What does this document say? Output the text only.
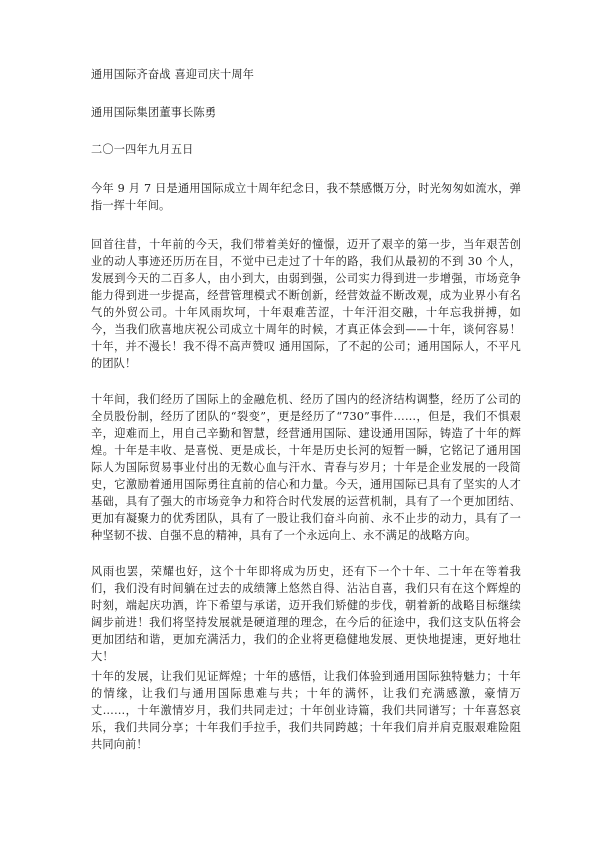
通用国际齐奋战 喜迎司庆十周年
通用国际集团董事长陈勇
二〇一四年九月五日

今年 9 月 7 日是通用国际成立十周年纪念日，我不禁感慨万分，时光匆匆如流水，弹指一挥十年间。

回首往昔，十年前的今天，我们带着美好的憧憬，迈开了艰辛的第一步，当年艰苦创业的动人事迹还历历在目，不觉中已走过了十年的路，我们从最初的不到 30 个人，发展到今天的二百多人，由小到大，由弱到强，公司实力得到进一步增强，市场竞争能力得到进一步提高，经营管理模式不断创新，经营效益不断改观，成为业界小有名气的外贸公司。十年风雨坎坷，十年艰难苦涩，十年汗泪交融，十年忘我拼搏，如今，当我们欣喜地庆祝公司成立十周年的时候，才真正体会到——十年，谈何容易！十年，并不漫长！我不得不高声赞叹 通用国际，了不起的公司；通用国际人，不平凡的团队！

十年间，我们经历了国际上的金融危机、经历了国内的经济结构调整，经历了公司的全员股份制，经历了团队的“裂变”，更是经历了“730”事件……，但是，我们不惧艰辛，迎难而上，用自己辛勤和智慧，经营通用国际、建设通用国际，铸造了十年的辉煌。十年是丰收、是喜悦、更是成长，十年是历史长河的短暂一瞬，它铭记了通用国际人为国际贸易事业付出的无数心血与汗水、青春与岁月；十年是企业发展的一段简史，它激励着通用国际勇往直前的信心和力量。今天，通用国际已具有了坚实的人才基础，具有了强大的市场竞争力和符合时代发展的运营机制，具有了一个更加团结、更加有凝聚力的优秀团队，具有了一股让我们奋斗向前、永不止步的动力，具有了一种坚韧不拔、自强不息的精神，具有了一个永远向上、永不满足的战略方向。

风雨也罢，荣耀也好，这个十年即将成为历史，还有下一个十年、二十年在等着我们，我们没有时间躺在过去的成绩簿上悠然自得、沾沾自喜，我们只有在这个辉煌的时刻，端起庆功酒，许下希望与承诺，迈开我们矫健的步伐，朝着新的战略目标继续阔步前进！我们将坚持发展就是硬道理的理念，在今后的征途中，我们这支队伍将会更加团结和谐，更加充满活力，我们的企业将更稳健地发展、更快地提速，更好地壮大！

十年的发展，让我们见证辉煌；十年的感悟，让我们体验到通用国际独特魅力；十年的情缘，让我们与通用国际患难与共；十年的满怀，让我们充满感激，豪情万丈……，十年激情岁月，我们共同走过；十年创业诗篇，我们共同谱写；十年喜怒哀乐，我们共同分享；十年我们手拉手，我们共同跨越；十年我们肩并肩克服艰难险阻共同向前！
